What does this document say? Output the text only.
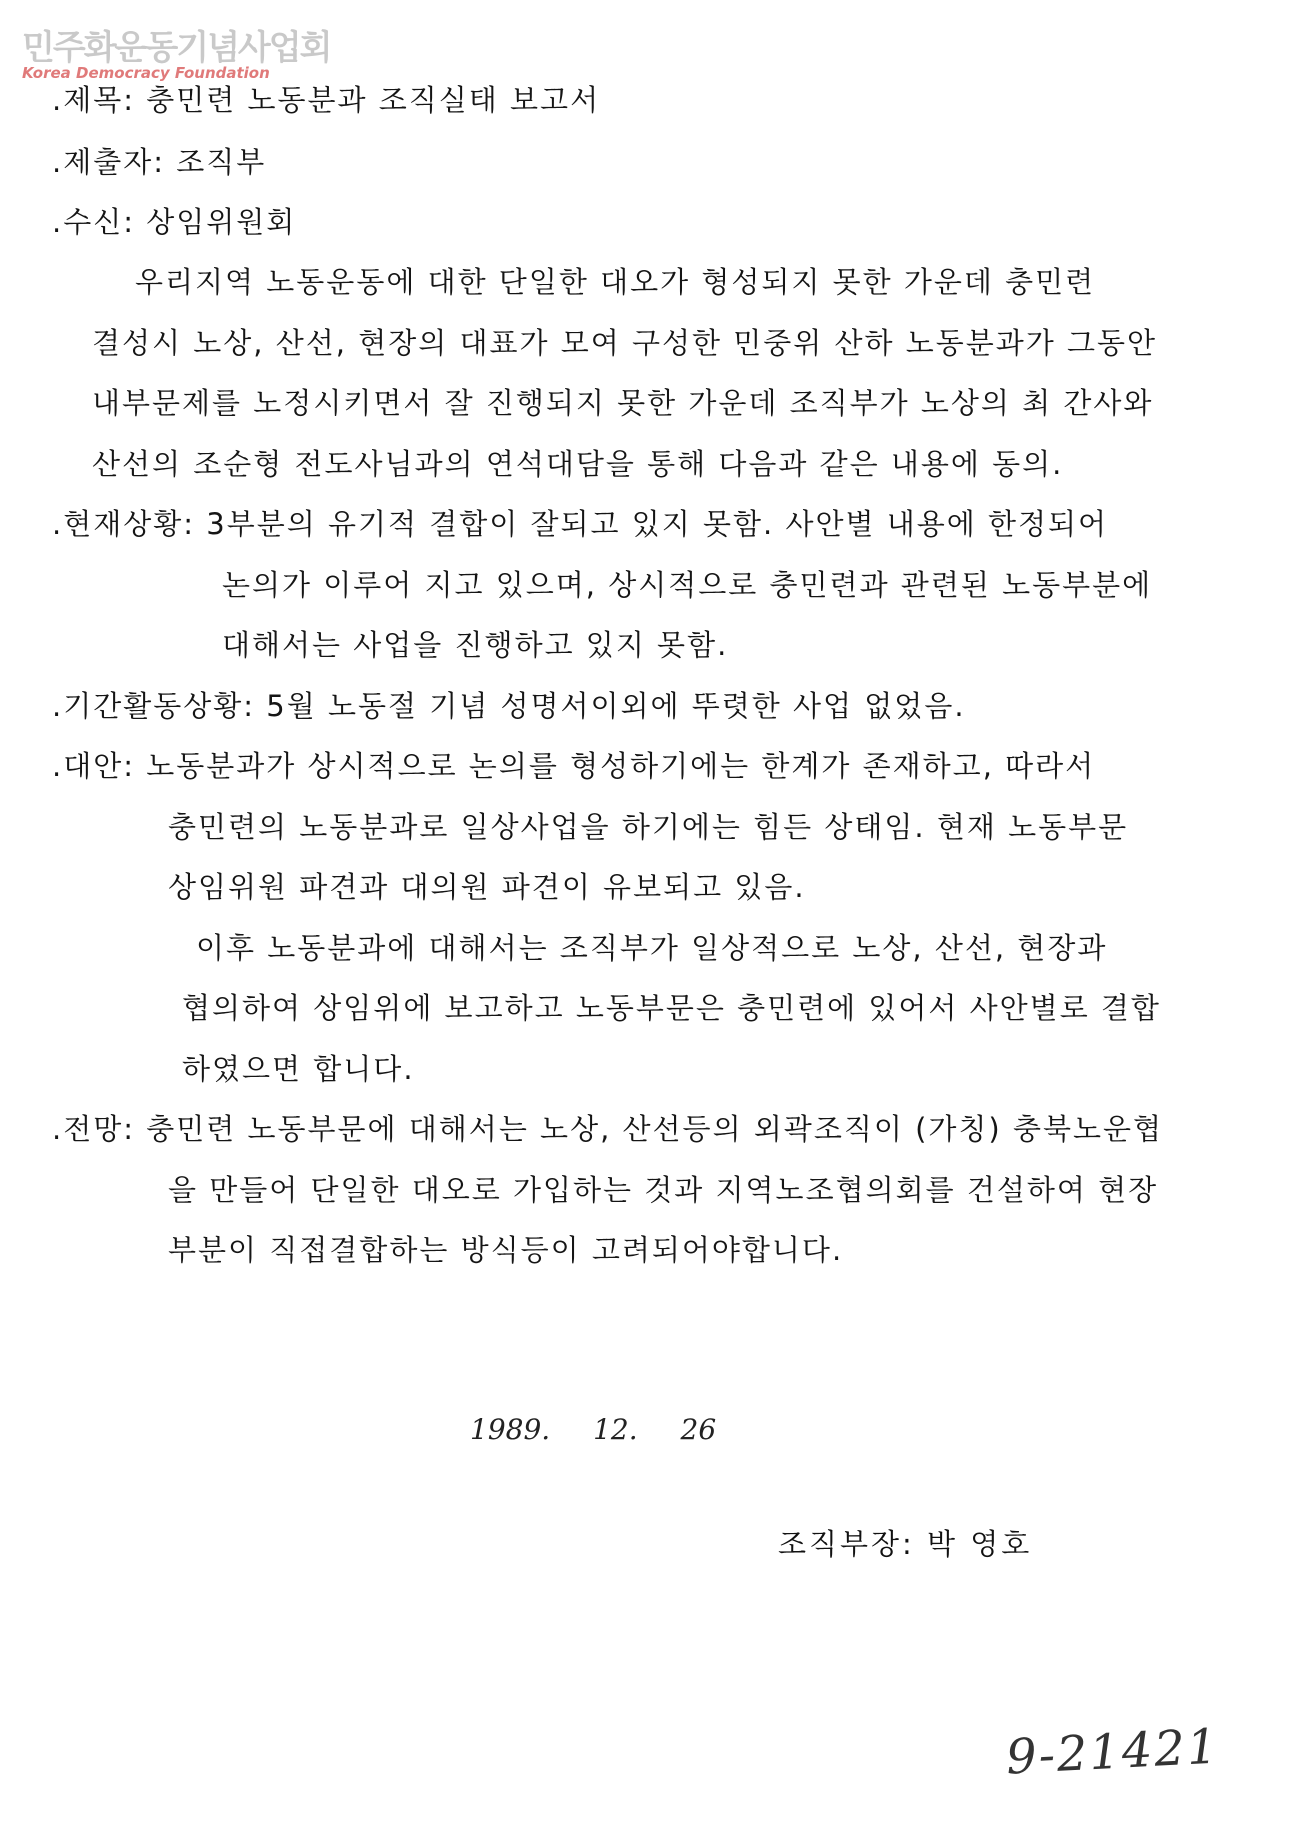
민주화운동기념사업회
Korea Democracy Foundation
.제목: 충민련 노동분과 조직실태 보고서
.제출자: 조직부
.수신: 상임위원회
우리지역 노동운동에 대한 단일한 대오가 형성되지 못한 가운데 충민련
결성시 노상, 산선, 현장의 대표가 모여 구성한 민중위 산하 노동분과가 그동안
내부문제를 노정시키면서 잘 진행되지 못한 가운데 조직부가 노상의 최 간사와
산선의 조순형 전도사님과의 연석대담을 통해 다음과 같은 내용에 동의.
.현재상황: 3부분의 유기적 결합이 잘되고 있지 못함. 사안별 내용에 한정되어
논의가 이루어 지고 있으며, 상시적으로 충민련과 관련된 노동부분에
대해서는 사업을 진행하고 있지 못함.
.기간활동상황: 5월 노동절 기념 성명서이외에 뚜렷한 사업 없었음.
.대안: 노동분과가 상시적으로 논의를 형성하기에는 한계가 존재하고, 따라서
충민련의 노동분과로 일상사업을 하기에는 힘든 상태임. 현재 노동부문
상임위원 파견과 대의원 파견이 유보되고 있음.
이후 노동분과에 대해서는 조직부가 일상적으로 노상, 산선, 현장과
협의하여 상임위에 보고하고 노동부문은 충민련에 있어서 사안별로 결합
하였으면 합니다.
.전망: 충민련 노동부문에 대해서는 노상, 산선등의 외곽조직이 (가칭) 충북노운협
을 만들어 단일한 대오로 가입하는 것과 지역노조협의회를 건설하여 현장
부분이 직접결합하는 방식등이 고려되어야합니다.
1989. 12. 26
조직부장: 박 영호
9-21421
